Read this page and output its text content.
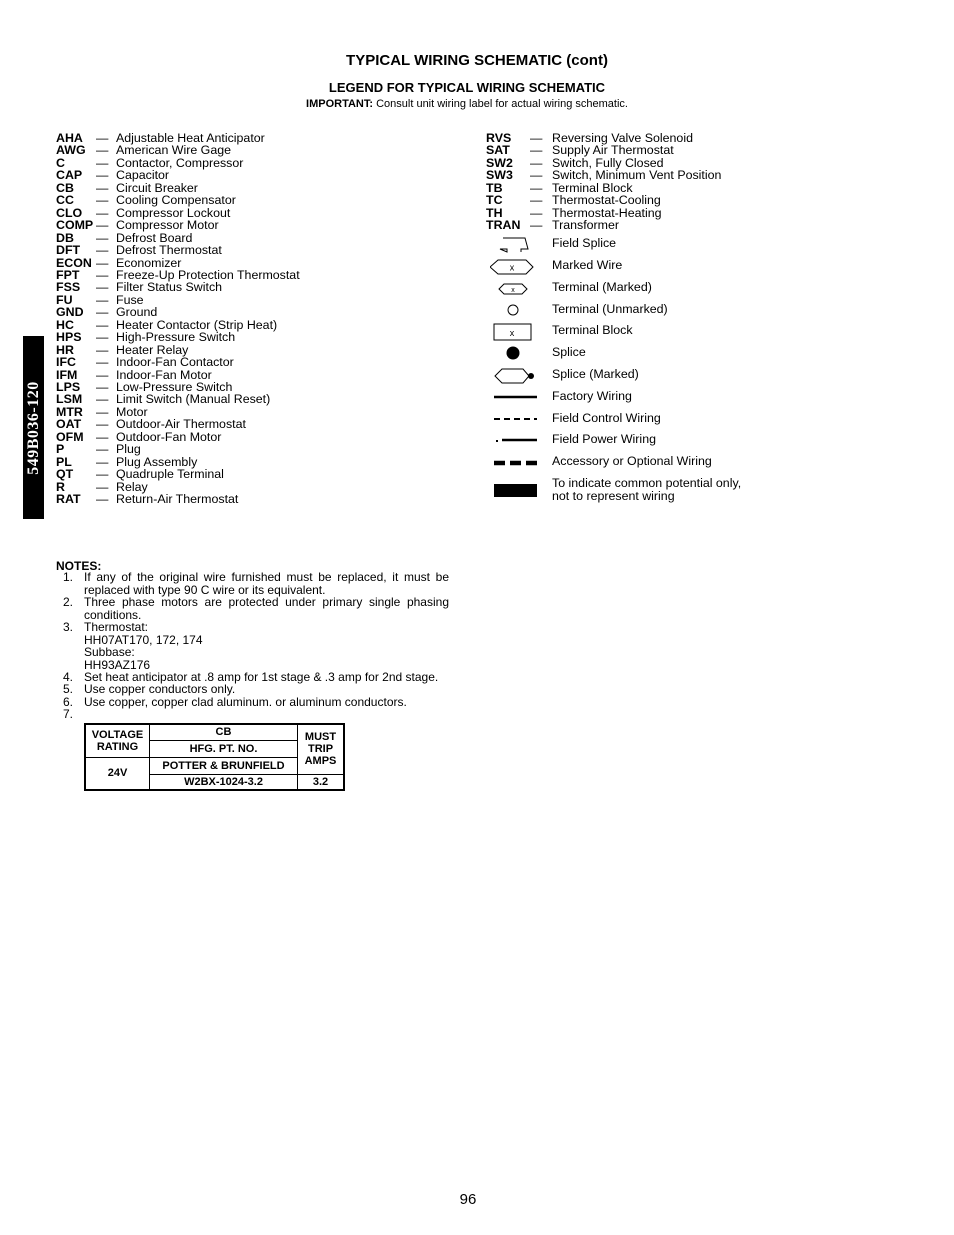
TYPICAL WIRING SCHEMATIC (cont)
LEGEND FOR TYPICAL WIRING SCHEMATIC
IMPORTANT: Consult unit wiring label for actual wiring schematic.
549B036-120
AHA — Adjustable Heat Anticipator
AWG — American Wire Gage
C	— Contactor, Compressor
CAP — Capacitor
CB — Circuit Breaker
CC — Cooling Compensator
CLO — Compressor Lockout
COMP — Compressor Motor
DB — Defrost Board
DFT — Defrost Thermostat
ECON — Economizer
FPT — Freeze-Up Protection Thermostat
FSS — Filter Status Switch
FU — Fuse
GND — Ground
HC — Heater Contactor (Strip Heat)
HPS — High-Pressure Switch
HR — Heater Relay
IFC — Indoor-Fan Contactor
IFM — Indoor-Fan Motor
LPS — Low-Pressure Switch
LSM — Limit Switch (Manual Reset)
MTR — Motor
OAT — Outdoor-Air Thermostat
OFM — Outdoor-Fan Motor
P	— Plug
PL — Plug Assembly
QT — Quadruple Terminal
R	— Relay
RAT — Return-Air Thermostat
RVS — Reversing Valve Solenoid
SAT — Supply Air Thermostat
SW2 — Switch, Fully Closed
SW3 — Switch, Minimum Vent Position
TB — Terminal Block
TC — Thermostat-Cooling
TH — Thermostat-Heating
TRAN — Transformer
Field Splice
x	Marked Wire
x	Terminal (Marked)
Terminal (Unmarked)
x	Terminal Block
Splice
Splice (Marked)
Factory Wiring
Field Control Wiring
Field Power Wiring
Accessory or Optional Wiring
To indicate common potential only,
not to represent wiring
NOTES:
1. If any of the original wire furnished must be replaced, it must be replaced with type 90 C wire or its equivalent.
2. Three phase motors are protected under primary single phasing conditions.
3. Thermostat:
HH07AT170, 172, 174
Subbase:
HH93AZ176
4. Set heat anticipator at .8 amp for 1st stage & .3 amp for 2nd stage.
5. Use copper conductors only.
6. Use copper, copper clad aluminum. or aluminum conductors.
7.
VOLTAGE RATING	CB	MUST TRIP AMPS
	HFG. PT. NO.	
24V	POTTER & BRUNFIELD	
	W2BX-1024-3.2	3.2
96
